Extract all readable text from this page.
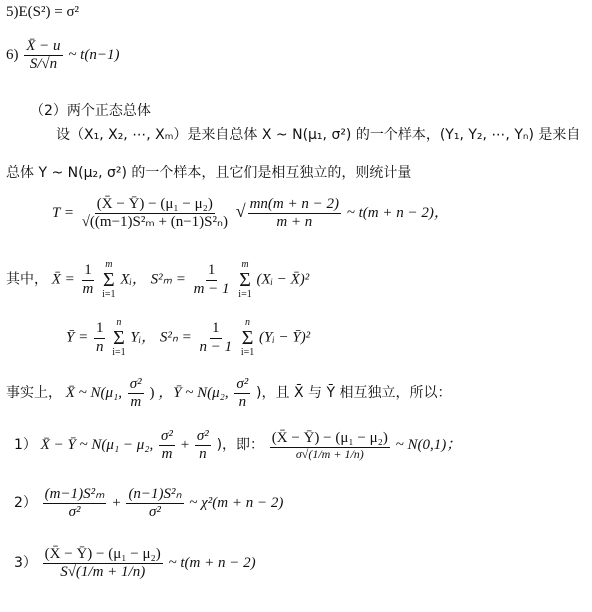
5)E(S²) = σ²
$6) \frac{X̄ - u}{S/√n}$ ~ t(n−1)
（2）两个正态总体
设（X₁, X₂, ⋯, Xₘ）是来自总体 X ~ N(μ₁, σ²) 的一个样本，(Y₁, Y₂, ⋯, Yₙ) 是来自
总体 Y ~ N(μ₂, σ²) 的一个样本，且它们是相互独立的，则统计量
$T = \frac{\text{(X̄ − Ȳ) − (μ₁ − μ₂)}}{\text{√((m−1)S²ₘ + (n−1)S²ₙ)}}$ √ $\frac{mn(m + n - 2)}{m + n}$ ~ t(m + n − 2)，
其中， X̄ = $\frac{1}{m}$
m
Σ
i=1
Xᵢ， $S^2_m = \frac{1}{m - 1}$
m
Σ
i=1
(Xᵢ − X̄)²
Ȳ = $\frac{1}{n}$
n
Σ
i=1
Yᵢ， $S^2_n = \frac{1}{n - 1}$
n
Σ
i=1
(Yᵢ − Ȳ)²
事实上， X̄ ~ N(μ₁, $\frac{\text{σ²}}{m}$ ) ，Ȳ ~ N(μ₂, $\frac{\text{σ²}}{n}$ )，且 X̄ 与 Ȳ 相互独立，所以：
1） X̄ − Ȳ ~ N(μ₁ − μ₂, $\frac{\text{σ²}}{m} + \frac{\text{σ²}}{n}$ )，即： (X̄ − Ȳ) − (μ₁ − μ₂)
σ√(1/m + 1/n)
~ N(0,1)；
$2) \frac{\text{(m−1)S²ₘ}}{\text{σ²}} + \frac{\text{(n−1)S²ₙ}}{\text{σ²}}$ ~ χ²(m + n − 2)
$3) \frac{\text{(X̄ − Ȳ) − (μ₁ − μ₂)}}{S√(1/m + 1/n)}$ ~ t(m + n − 2)
